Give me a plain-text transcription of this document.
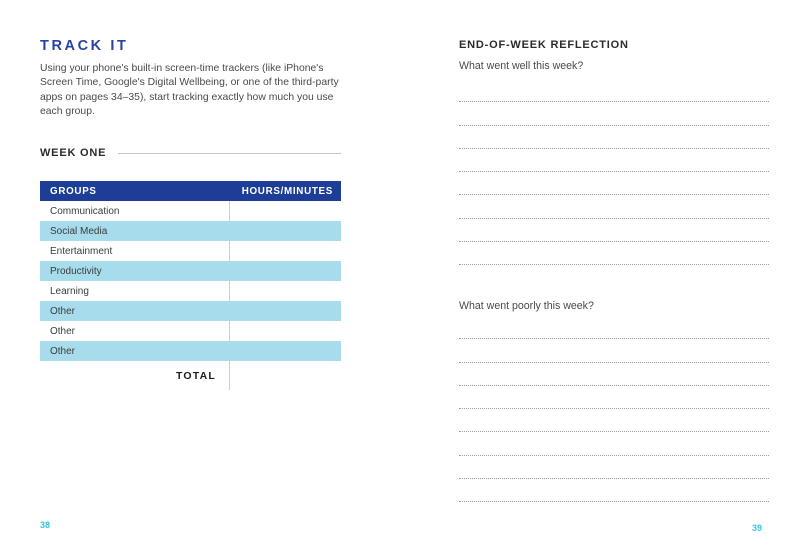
TRACK IT
Using your phone's built-in screen-time trackers (like iPhone's
Screen Time, Google's Digital Wellbeing, or one of the third-party
apps on pages 34–35), start tracking exactly how much you use
each group.
WEEK ONE
GROUPS	HOURS/MINUTES
Communication
Social Media
Entertainment
Productivity
Learning
Other
Other
Other
TOTAL
38
END-OF-WEEK REFLECTION
What went well this week?
What went poorly this week?
39
